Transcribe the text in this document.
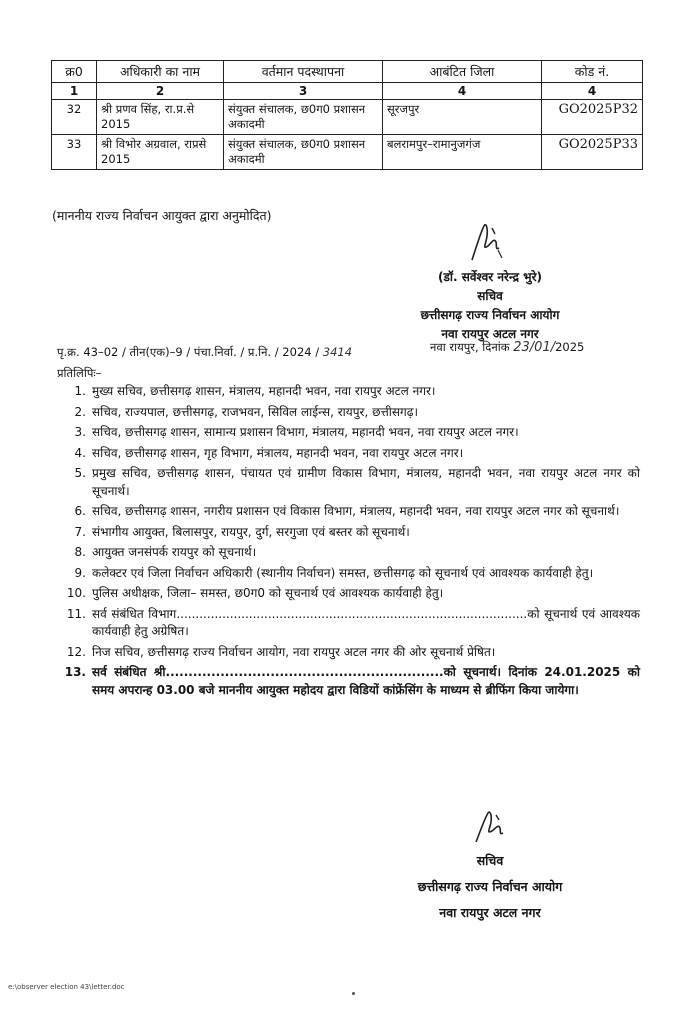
क्र0	अधिकारी का नाम	वर्तमान पदस्थापना	आबंटित जिला	कोड नं.
1	2	3	4	4
32	श्री प्रणव सिंह, रा.प्र.से 2015	संयुक्त संचालक, छ0ग0 प्रशासन अकादमी	सूरजपुर	GO2025P32
33	श्री विभोर अग्रवाल, राप्रसे 2015	संयुक्त संचालक, छ0ग0 प्रशासन अकादमी	बलरामपुर–रामानुजगंज	GO2025P33
(माननीय राज्य निर्वाचन आयुक्त द्वारा अनुमोदित)
(डॉ. सर्वेश्वर नरेन्द्र भुरे)
सचिव
छत्तीसगढ़ राज्य निर्वाचन आयोग
नवा रायपुर अटल नगर
पृ.क्र. 43–02 / तीन(एक)–9 / पंचा.निर्वा. / प्र.नि. / 2024 / 3414	नवा रायपुर, दिनांक 23/01/2025
प्रतिलिपिः–
1. मुख्य सचिव, छत्तीसगढ़ शासन, मंत्रालय, महानदी भवन, नवा रायपुर अटल नगर।
2. सचिव, राज्यपाल, छत्तीसगढ़, राजभवन, सिविल लाईन्स, रायपुर, छत्तीसगढ़।
3. सचिव, छत्तीसगढ़ शासन, सामान्य प्रशासन विभाग, मंत्रालय, महानदी भवन, नवा रायपुर अटल नगर।
4. सचिव, छत्तीसगढ़ शासन, गृह विभाग, मंत्रालय, महानदी भवन, नवा रायपुर अटल नगर।
5. प्रमुख सचिव, छत्तीसगढ़ शासन, पंचायत एवं ग्रामीण विकास विभाग, मंत्रालय, महानदी भवन, नवा रायपुर अटल नगर को सूचनार्थ।
6. सचिव, छत्तीसगढ़ शासन, नगरीय प्रशासन एवं विकास विभाग, मंत्रालय, महानदी भवन, नवा रायपुर अटल नगर को सूचनार्थ।
7. संभागीय आयुक्त, बिलासपुर, रायपुर, दुर्ग, सरगुजा एवं बस्तर को सूचनार्थ।
8. आयुक्त जनसंपर्क रायपुर को सूचनार्थ।
9. कलेक्टर एवं जिला निर्वाचन अधिकारी (स्थानीय निर्वाचन) समस्त, छत्तीसगढ़ को सूचनार्थ एवं आवश्यक कार्यवाही हेतु।
10. पुलिस अधीक्षक, जिला– समस्त, छ0ग0 को सूचनार्थ एवं आवश्यक कार्यवाही हेतु।
11. सर्व संबंधित विभाग............................................................................................को सूचनार्थ एवं आवश्यक कार्यवाही हेतु अग्रेषित।
12. निज सचिव, छत्तीसगढ़ राज्य निर्वाचन आयोग, नवा रायपुर अटल नगर की ओर सूचनार्थ प्रेषित।
13. सर्व संबंधित श्री.............................................................को सूचनार्थ। दिनांक 24.01.2025 को समय अपरान्ह 03.00 बजे माननीय आयुक्त महोदय द्वारा विडियों कांफ्रेंसिंग के माध्यम से ब्रीफिंग किया जायेगा।
सचिव
छत्तीसगढ़ राज्य निर्वाचन आयोग
नवा रायपुर अटल नगर
e:\observer election 43\letter.doc
